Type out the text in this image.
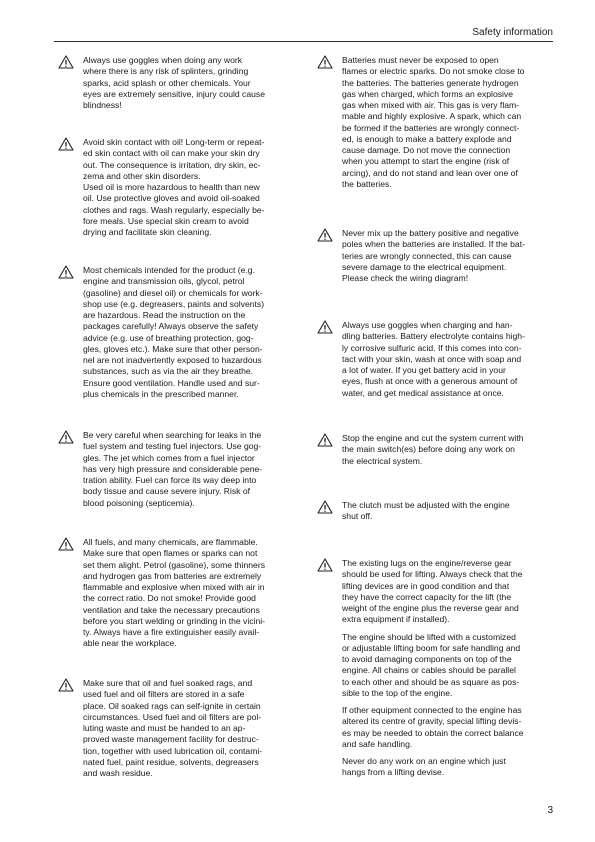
Safety information

Always use goggles when doing any work
where there is any risk of splinters, grinding
sparks, acid splash or other chemicals. Your
eyes are extremely sensitive, injury could cause
blindness!

Avoid skin contact with oil! Long-term or repeat-
ed skin contact with oil can make your skin dry
out. The consequence is irritation, dry skin, ec-
zema and other skin disorders.
Used oil is more hazardous to health than new
oil. Use protective gloves and avoid oil-soaked
clothes and rags. Wash regularly, especially be-
fore meals. Use special skin cream to avoid
drying and facilitate skin cleaning.

Most chemicals intended for the product (e.g.
engine and transmission oils, glycol, petrol
(gasoline) and diesel oil) or chemicals for work-
shop use (e.g. degreasers, paints and solvents)
are hazardous. Read the instruction on the
packages carefully! Always observe the safety
advice (e.g. use of breathing protection, gog-
gles, gloves etc.). Make sure that other person-
nel are not inadvertently exposed to hazardous
substances, such as via the air they breathe.
Ensure good ventilation. Handle used and sur-
plus chemicals in the prescribed manner.

Be very careful when searching for leaks in the
fuel system and testing fuel injectors. Use gog-
gles. The jet which comes from a fuel injector
has very high pressure and considerable pene-
tration ability. Fuel can force its way deep into
body tissue and cause severe injury. Risk of
blood poisoning (septicemia).

All fuels, and many chemicals, are flammable.
Make sure that open flames or sparks can not
set them alight. Petrol (gasoline), some thinners
and hydrogen gas from batteries are extremely
flammable and explosive when mixed with air in
the correct ratio. Do not smoke! Provide good
ventilation and take the necessary precautions
before you start welding or grinding in the vicini-
ty. Always have a fire extinguisher easily avail-
able near the workplace.

Make sure that oil and fuel soaked rags, and
used fuel and oil filters are stored in a safe
place. Oil soaked rags can self-ignite in certain
circumstances. Used fuel and oil filters are pol-
luting waste and must be handed to an ap-
proved waste management facility for destruc-
tion, together with used lubrication oil, contami-
nated fuel, paint residue, solvents, degreasers
and wash residue.

Batteries must never be exposed to open
flames or electric sparks. Do not smoke close to
the batteries. The batteries generate hydrogen
gas when charged, which forms an explosive
gas when mixed with air. This gas is very flam-
mable and highly explosive. A spark, which can
be formed if the batteries are wrongly connect-
ed, is enough to make a battery explode and
cause damage. Do not move the connection
when you attempt to start the engine (risk of
arcing), and do not stand and lean over one of
the batteries.

Never mix up the battery positive and negative
poles when the batteries are installed. If the bat-
teries are wrongly connected, this can cause
severe damage to the electrical equipment.
Please check the wiring diagram!

Always use goggles when charging and han-
dling batteries. Battery electrolyte contains high-
ly corrosive sulfuric acid. If this comes into con-
tact with your skin, wash at once with soap and
a lot of water. If you get battery acid in your
eyes, flush at once with a generous amount of
water, and get medical assistance at once.

Stop the engine and cut the system current with
the main switch(es) before doing any work on
the electrical system.

The clutch must be adjusted with the engine
shut off.

The existing lugs on the engine/reverse gear
should be used for lifting. Always check that the
lifting devices are in good condition and that
they have the correct capacity for the lift (the
weight of the engine plus the reverse gear and
extra equipment if installed).

The engine should be lifted with a customized
or adjustable lifting boom for safe handling and
to avoid damaging components on top of the
engine. All chains or cables should be parallel
to each other and should be as square as pos-
sible to the top of the engine.

If other equipment connected to the engine has
altered its centre of gravity, special lifting devis-
es may be needed to obtain the correct balance
and safe handling.

Never do any work on an engine which just
hangs from a lifting devise.

3
